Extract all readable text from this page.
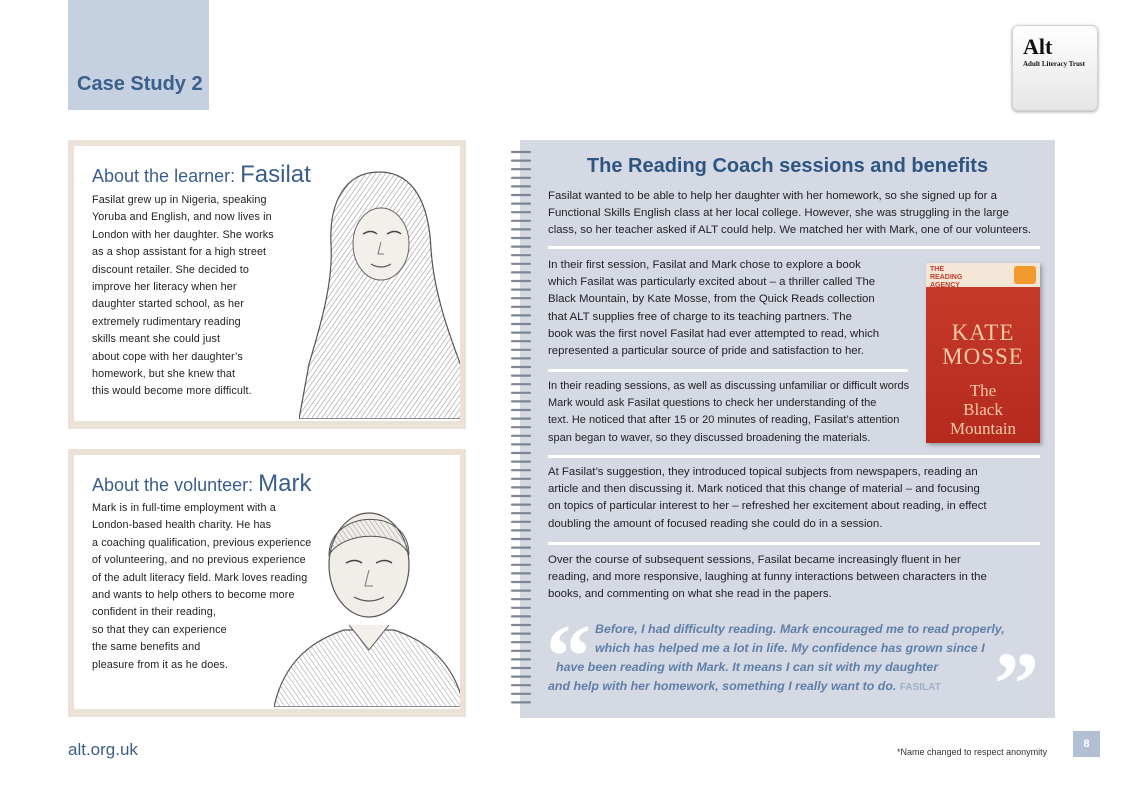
Case Study 2
Alt
Adult Literacy Trust
About the learner: Fasilat

Fasilat grew up in Nigeria, speaking
Yoruba and English, and now lives in
London with her daughter. She works
as a shop assistant for a high street
discount retailer. She decided to
improve her literacy when her
daughter started school, as her
extremely rudimentary reading
skills meant she could just
about cope with her daughter’s
homework, but she knew that
this would become more difficult.

About the volunteer: Mark

Mark is in full-time employment with a
London-based health charity. He has
a coaching qualification, previous experience
of volunteering, and no previous experience
of the adult literacy field. Mark loves reading
and wants to help others to become more
confident in their reading,
so that they can experience
the same benefits and
pleasure from it as he does.

The Reading Coach sessions and benefits

Fasilat wanted to be able to help her daughter with her homework, so she signed up for a
Functional Skills English class at her local college. However, she was struggling in the large
class, so her teacher asked if ALT could help. We matched her with Mark, one of our volunteers.

In their first session, Fasilat and Mark chose to explore a book
which Fasilat was particularly excited about – a thriller called The
Black Mountain, by Kate Mosse, from the Quick Reads collection
that ALT supplies free of charge to its teaching partners. The
book was the first novel Fasilat had ever attempted to read, which
represented a particular source of pride and satisfaction to her.

In their reading sessions, as well as discussing unfamiliar or difficult words
Mark would ask Fasilat questions to check her understanding of the
text. He noticed that after 15 or 20 minutes of reading, Fasilat’s attention
span began to waver, so they discussed broadening the materials.

THE READING AGENCY
KATE
MOSSE
The
Black
Mountain

At Fasilat’s suggestion, they introduced topical subjects from newspapers, reading an
article and then discussing it. Mark noticed that this change of material – and focusing
on topics of particular interest to her – refreshed her excitement about reading, in effect
doubling the amount of focused reading she could do in a session.

Over the course of subsequent sessions, Fasilat became increasingly fluent in her
reading, and more responsive, laughing at funny interactions between characters in the
books, and commenting on what she read in the papers.

“	”
Before, I had difficulty reading. Mark encouraged me to read properly,
which has helped me a lot in life. My confidence has grown since I
have been reading with Mark. It means I can sit with my daughter
and help with her homework, something I really want to do. FASILAT
alt.org.uk	*Name changed to respect anonymity
8
